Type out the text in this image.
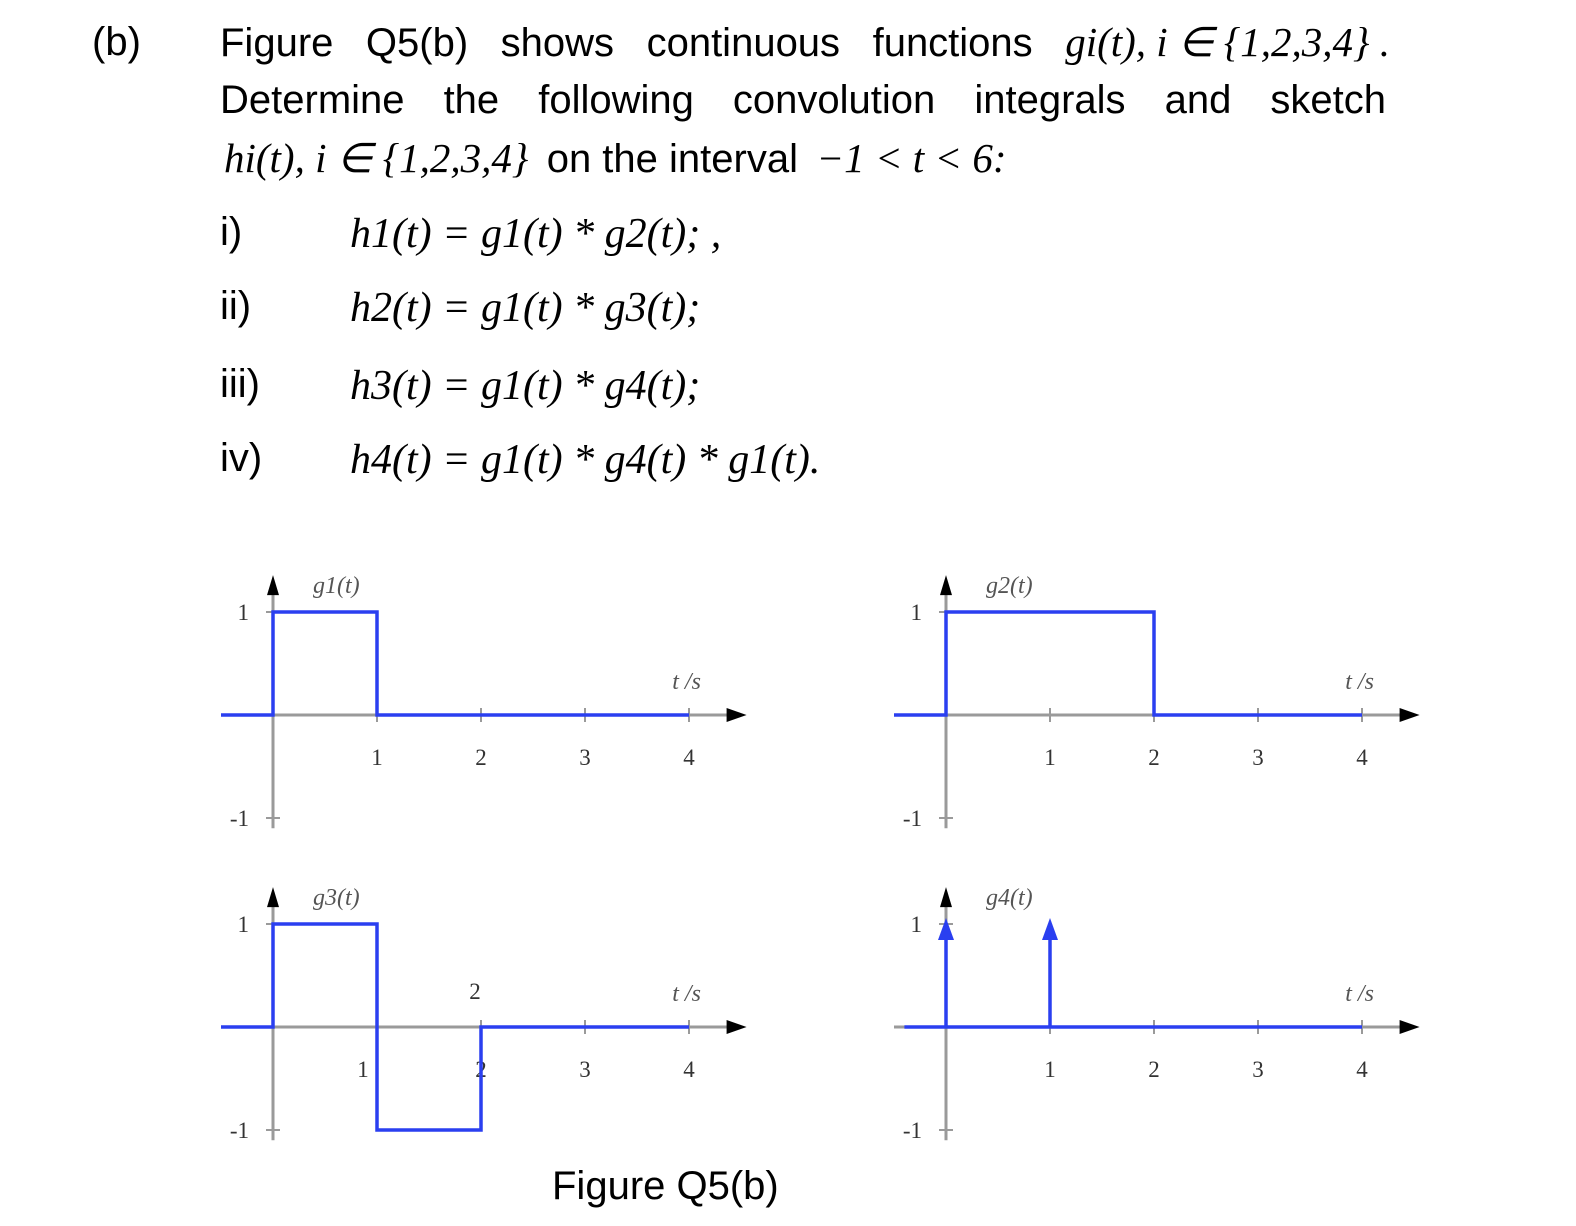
(b) Figure Q5(b) shows continuous functions gi(t), i ∈ {1,2,3,4} .
Determine the following convolution integrals and sketch
hi(t), i ∈ {1,2,3,4} on the interval −1 < t < 6:
i)	h1(t) = g1(t) * g2(t); ,
ii) h2(t) = g1(t) * g3(t);
iii) h3(t) = g1(t) * g4(t);
iv) h4(t) = g1(t) * g4(t) * g1(t).
1	2	3	4
1
-1
g1(t)
t /s
1	2	3	4
1
-1
g2(t)
t /s
1	2	3	4
1
-1
g3(t)
t /s
2
1	2	3	4
1
-1
g4(t)
t /s
Figure Q5(b)
